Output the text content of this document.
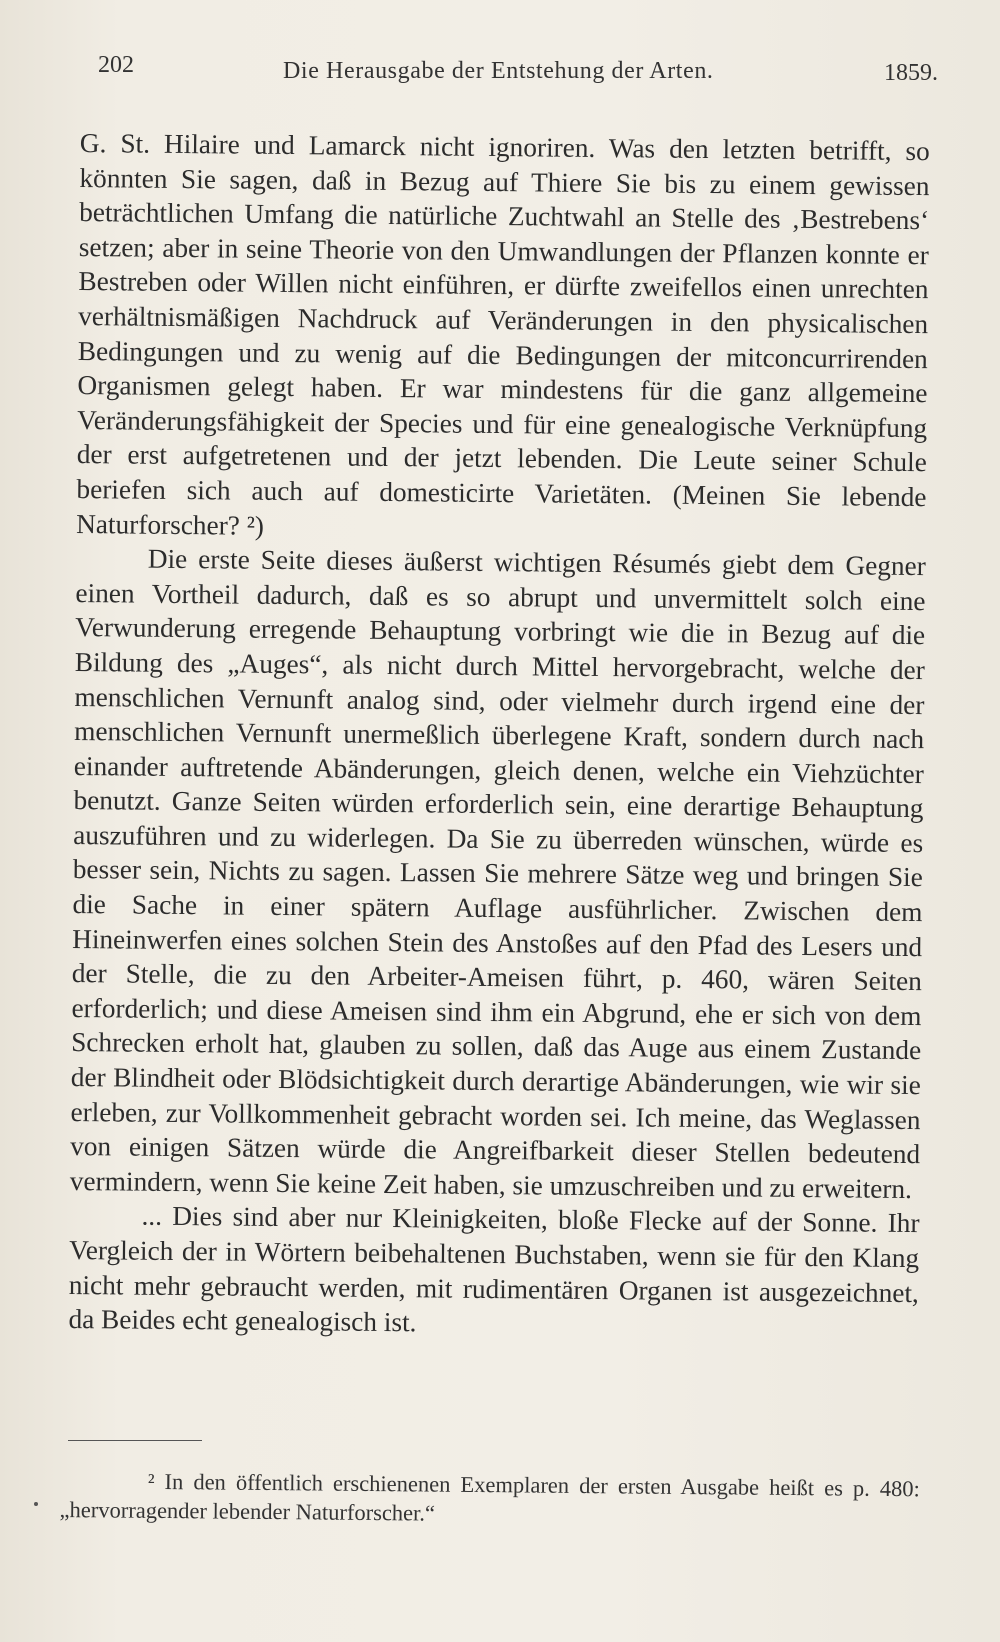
202	Die Herausgabe der Entstehung der Arten.	1859.

G. St. Hilaire und Lamarck nicht ignoriren. Was den letzten betrifft, so könnten Sie sagen, daß in Bezug auf Thiere Sie bis zu einem gewissen beträchtlichen Umfang die natürliche Zuchtwahl an Stelle des ‚Bestrebens‘ setzen; aber in seine Theorie von den Umwandlungen der Pflanzen konnte er Bestreben oder Willen nicht einführen, er dürfte zweifellos einen unrechten verhältnismäßigen Nachdruck auf Veränderungen in den physicalischen Bedingungen und zu wenig auf die Bedingungen der mitconcurrirenden Organismen gelegt haben. Er war mindestens für die ganz allgemeine Veränderungsfähigkeit der Species und für eine genealogische Verknüpfung der erst aufgetretenen und der jetzt lebenden. Die Leute seiner Schule beriefen sich auch auf domesticirte Varietäten. (Meinen Sie lebende Naturforscher? ²)

Die erste Seite dieses äußerst wichtigen Résumés giebt dem Gegner einen Vortheil dadurch, daß es so abrupt und unvermittelt solch eine Verwunderung erregende Behauptung vorbringt wie die in Bezug auf die Bildung des „Auges“, als nicht durch Mittel hervorgebracht, welche der menschlichen Vernunft analog sind, oder vielmehr durch irgend eine der menschlichen Vernunft unermeßlich überlegene Kraft, sondern durch nach einander auftretende Abänderungen, gleich denen, welche ein Viehzüchter benutzt. Ganze Seiten würden erforderlich sein, eine derartige Behauptung auszuführen und zu widerlegen. Da Sie zu überreden wünschen, würde es besser sein, Nichts zu sagen. Lassen Sie mehrere Sätze weg und bringen Sie die Sache in einer spätern Auflage ausführlicher. Zwischen dem Hineinwerfen eines solchen Stein des Anstoßes auf den Pfad des Lesers und der Stelle, die zu den Arbeiter-Ameisen führt, p. 460, wären Seiten erforderlich; und diese Ameisen sind ihm ein Abgrund, ehe er sich von dem Schrecken erholt hat, glauben zu sollen, daß das Auge aus einem Zustande der Blindheit oder Blödsichtigkeit durch derartige Abänderungen, wie wir sie erleben, zur Vollkommenheit gebracht worden sei. Ich meine, das Weglassen von einigen Sätzen würde die Angreifbarkeit dieser Stellen bedeutend vermindern, wenn Sie keine Zeit haben, sie umzuschreiben und zu erweitern.

... Dies sind aber nur Kleinigkeiten, bloße Flecke auf der Sonne. Ihr Vergleich der in Wörtern beibehaltenen Buchstaben, wenn sie für den Klang nicht mehr gebraucht werden, mit rudimentären Organen ist ausgezeichnet, da Beides echt genealogisch ist.

² In den öffentlich erschienenen Exemplaren der ersten Ausgabe heißt es p. 480: „hervorragender lebender Naturforscher.“
